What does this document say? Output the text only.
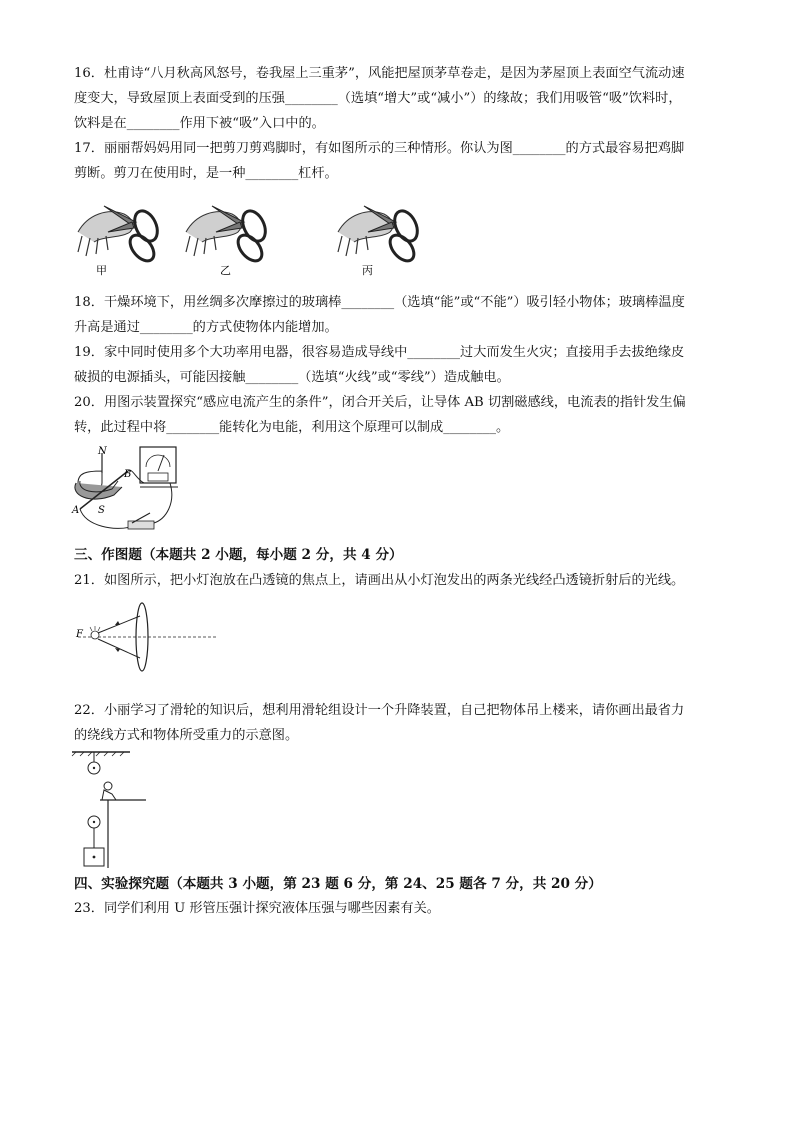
16．杜甫诗“八月秋高风怒号，卷我屋上三重茅”，风能把屋顶茅草卷走，是因为茅屋顶上表面空气流动速
度变大，导致屋顶上表面受到的压强________（选填“增大”或“减小”）的缘故；我们用吸管“吸”饮料时，
饮料是在________作用下被“吸”入口中的。
17．丽丽帮妈妈用同一把剪刀剪鸡脚时，有如图所示的三种情形。你认为图________的方式最容易把鸡脚
剪断。剪刀在使用时，是一种________杠杆。
甲	乙	丙
18．干燥环境下，用丝绸多次摩擦过的玻璃棒________（选填“能”或“不能”）吸引轻小物体；玻璃棒温度
升高是通过________的方式使物体内能增加。
19．家中同时使用多个大功率用电器，很容易造成导线中________过大而发生火灾；直接用手去拔绝缘皮
破损的电源插头，可能因接触________（选填“火线”或“零线”）造成触电。
20．用图示装置探究“感应电流产生的条件”，闭合开关后，让导体 AB 切割磁感线，电流表的指针发生偏
转，此过程中将________能转化为电能，利用这个原理可以制成________。
N
B
A S
三、作图题（本题共 2 小题，每小题 2 分，共 4 分）
21．如图所示，把小灯泡放在凸透镜的焦点上，请画出从小灯泡发出的两条光线经凸透镜折射后的光线。
F
22．小丽学习了滑轮的知识后，想利用滑轮组设计一个升降装置，自己把物体吊上楼来，请你画出最省力
的绕线方式和物体所受重力的示意图。
四、实验探究题（本题共 3 小题，第 23 题 6 分，第 24、25 题各 7 分，共 20 分）
23．同学们利用 U 形管压强计探究液体压强与哪些因素有关。
